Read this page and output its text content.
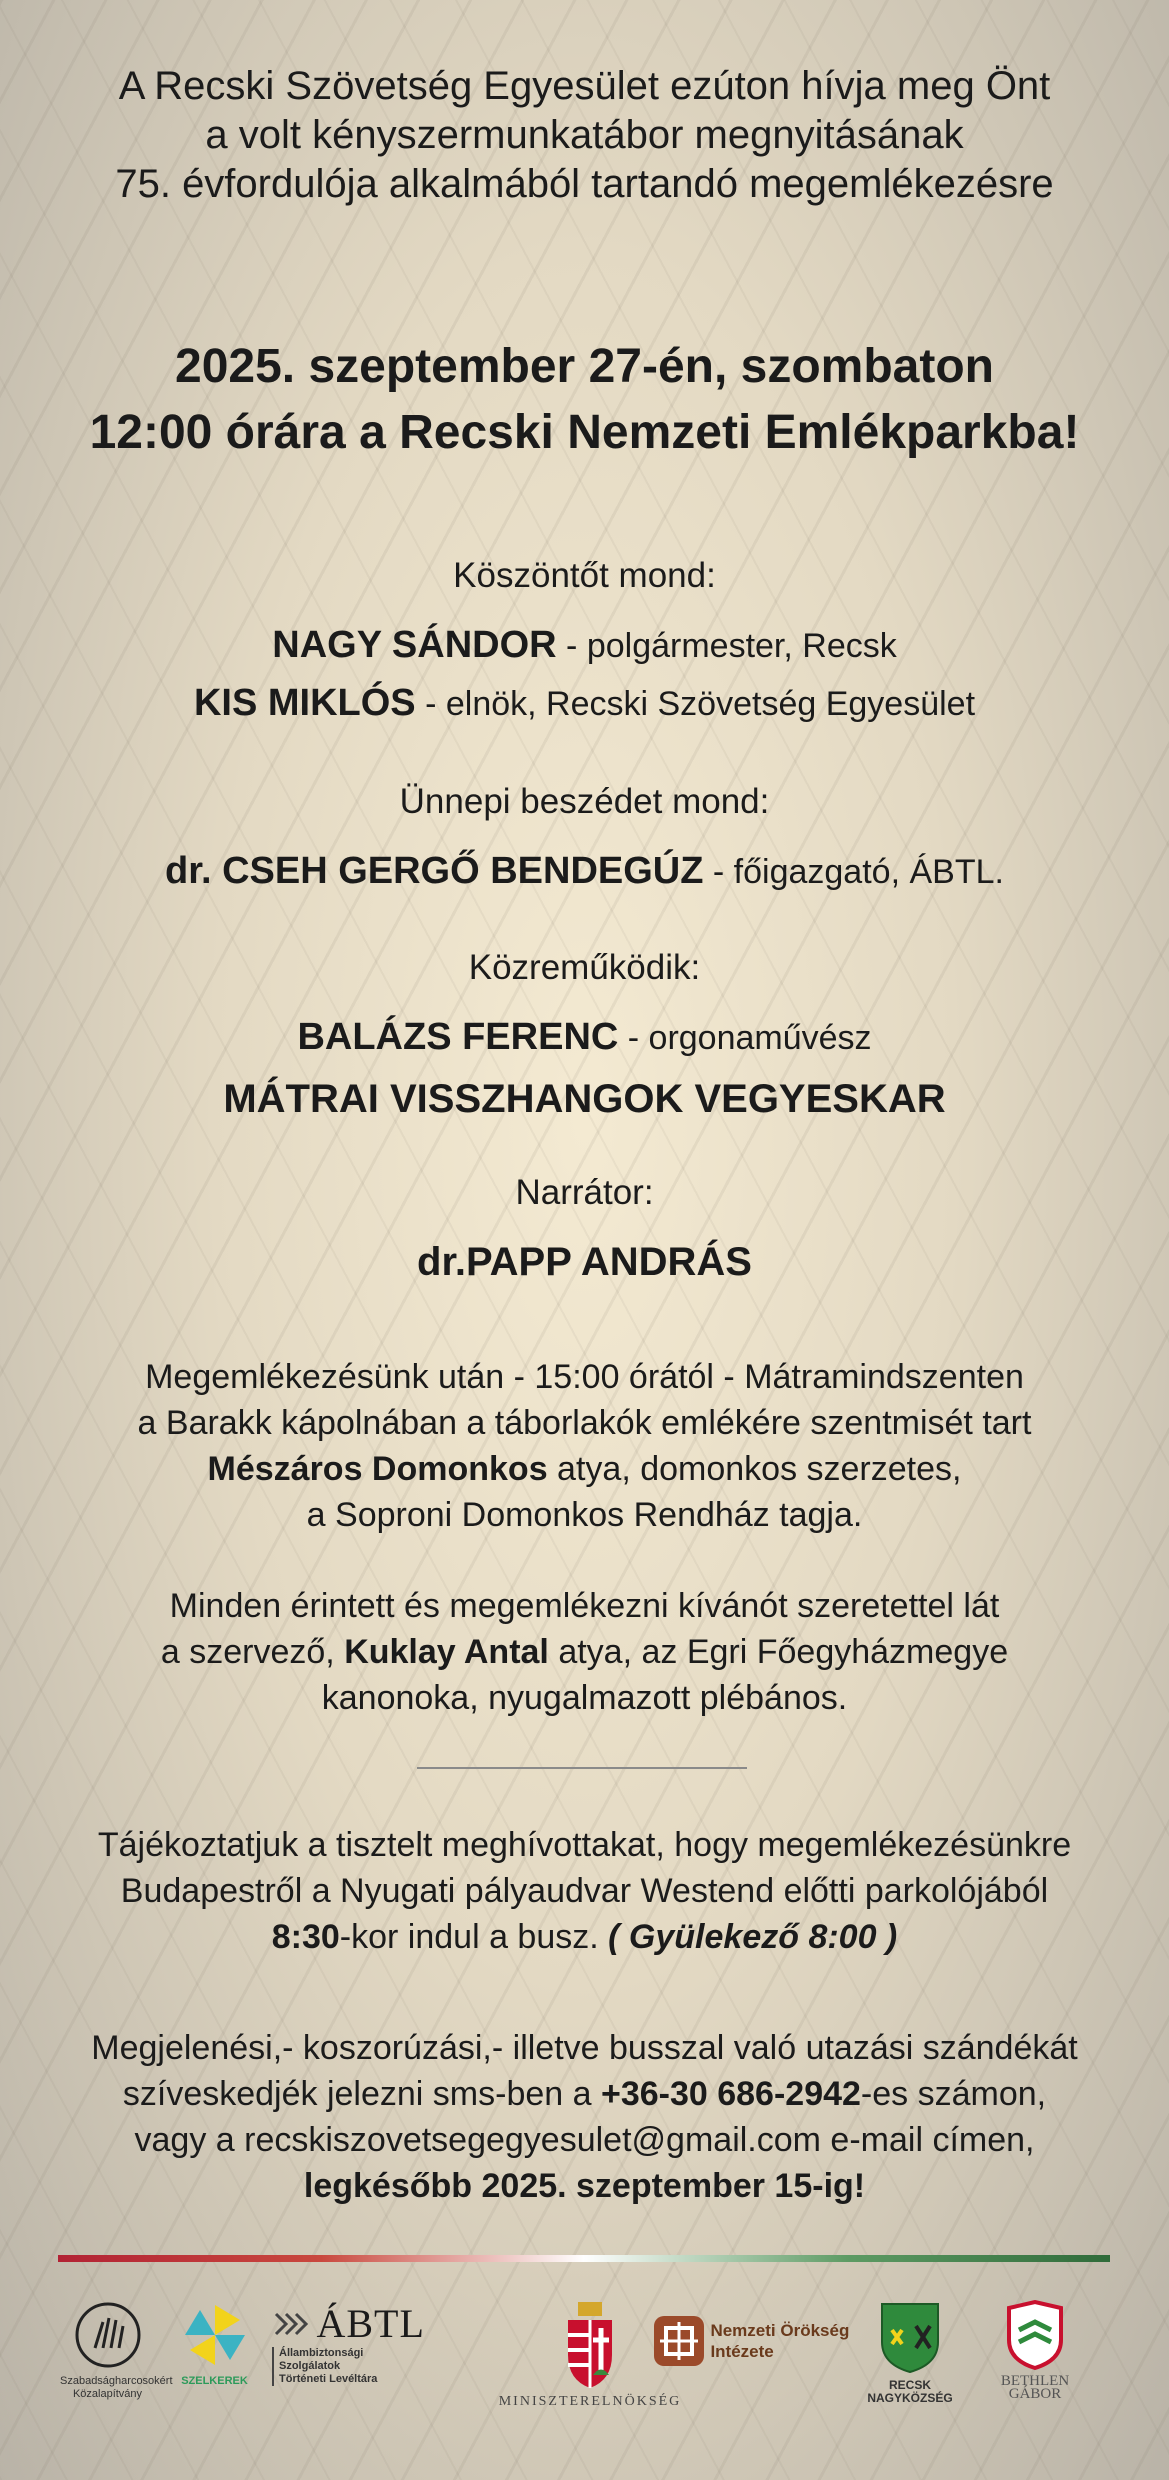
A Recski Szövetség Egyesület ezúton hívja meg Önt
a volt kényszermunkatábor megnyitásának
75. évfordulója alkalmából tartandó megemlékezésre
2025. szeptember 27-én, szombaton
12:00 órára a Recski Nemzeti Emlékparkba!
Köszöntőt mond:
NAGY SÁNDOR - polgármester, Recsk
KIS MIKLÓS - elnök, Recski Szövetség Egyesület
Ünnepi beszédet mond:
dr. CSEH GERGŐ BENDEGÚZ - főigazgató, ÁBTL.
Közreműködik:
BALÁZS FERENC - orgonaművész
MÁTRAI VISSZHANGOK VEGYESKAR
Narrátor:
dr.PAPP ANDRÁS
Megemlékezésünk után - 15:00 órától - Mátramindszenten
a Barakk kápolnában a táborlakók emlékére szentmisét tart
Mészáros Domonkos atya, domonkos szerzetes,
a Soproni Domonkos Rendház tagja.
Minden érintett és megemlékezni kívánót szeretettel lát
a szervező, Kuklay Antal atya, az Egri Főegyházmegye
kanonoka, nyugalmazott plébános.
Tájékoztatjuk a tisztelt meghívottakat, hogy megemlékezésünkre
Budapestről a Nyugati pályaudvar Westend előtti parkolójából
8:30-kor indul a busz. ( Gyülekező 8:00 )
Megjelenési,- koszorúzási,- illetve busszal való utazási szándékát
szíveskedjék jelezni sms-ben a +36-30 686-2942-es számon,
vagy a recskiszovetsegegyesulet@gmail.com e-mail címen,
legkésőbb 2025. szeptember 15-ig!
Szabadságharcosokért Közalapítvány
SZELKEREK
ÁBTL Állambiztonsági Szolgálatok Történeti Levéltára
MINISZTERELNÖKSÉG

Nemzeti Örökség
Intézete
RECSK NAGYKÖZSÉG
BETHLEN GÁBOR
